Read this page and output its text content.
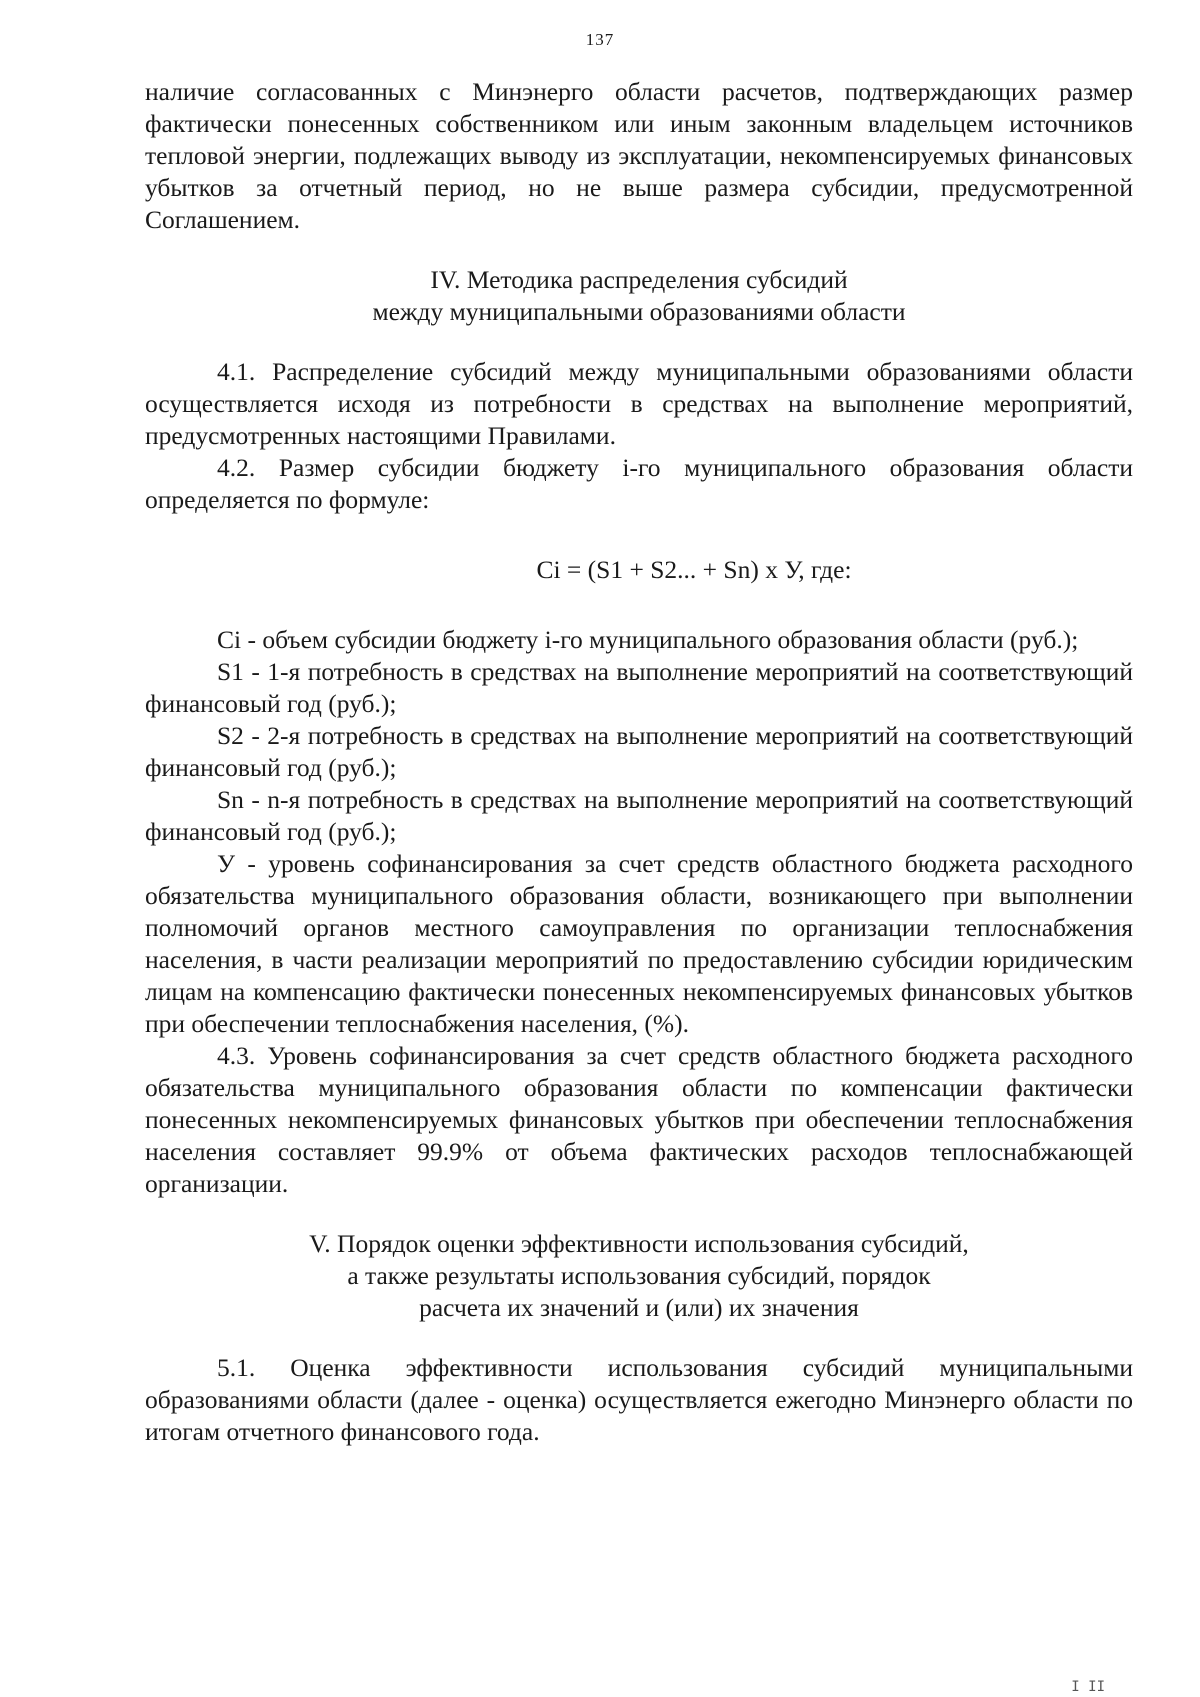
137

наличие согласованных с Минэнерго области расчетов, подтверждающих размер фактически понесенных собственником или иным законным владельцем источников тепловой энергии, подлежащих выводу из эксплуатации, некомпенсируемых финансовых убытков за отчетный период, но не выше размера субсидии, предусмотренной Соглашением.

IV. Методика распределения субсидий
между муниципальными образованиями области

4.1. Распределение субсидий между муниципальными образованиями области осуществляется исходя из потребности в средствах на выполнение мероприятий, предусмотренных настоящими Правилами.

4.2. Размер субсидии бюджету i-го муниципального образования области определяется по формуле:

Ci = (S1 + S2... + Sn) x У, где:

Ci - объем субсидии бюджету i-го муниципального образования области (руб.);

S1 - 1-я потребность в средствах на выполнение мероприятий на соответствующий финансовый год (руб.);

S2 - 2-я потребность в средствах на выполнение мероприятий на соответствующий финансовый год (руб.);

Sn - n-я потребность в средствах на выполнение мероприятий на соответствующий финансовый год (руб.);

У - уровень софинансирования за счет средств областного бюджета расходного обязательства муниципального образования области, возникающего при выполнении полномочий органов местного самоуправления по организации теплоснабжения населения, в части реализации мероприятий по предоставлению субсидии юридическим лицам на компенсацию фактически понесенных некомпенсируемых финансовых убытков при обеспечении теплоснабжения населения, (%).

4.3. Уровень софинансирования за счет средств областного бюджета расходного обязательства муниципального образования области по компенсации фактически понесенных некомпенсируемых финансовых убытков при обеспечении теплоснабжения населения составляет 99.9% от объема фактических расходов теплоснабжающей организации.

V. Порядок оценки эффективности использования субсидий,
а также результаты использования субсидий, порядок
расчета их значений и (или) их значения

5.1. Оценка эффективности использования субсидий муниципальными образованиями области (далее - оценка) осуществляется ежегодно Минэнерго области по итогам отчетного финансового года.

I II
